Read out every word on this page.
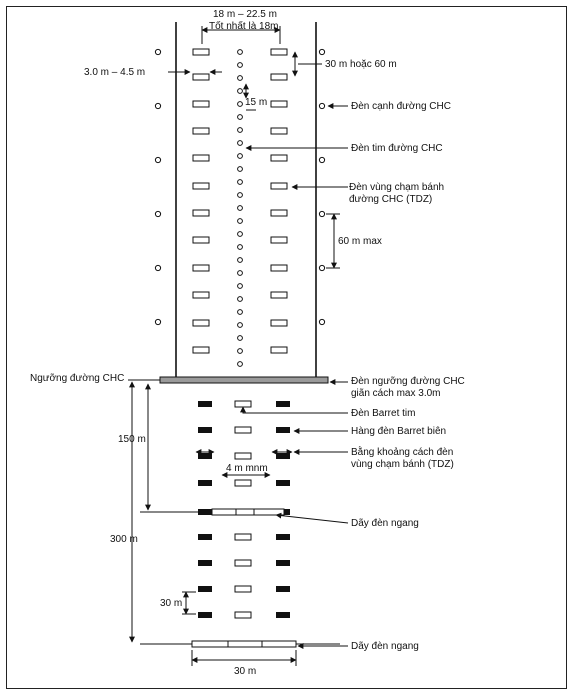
18 m – 22.5 m
Tốt nhất là 18m
3.0 m – 4.5 m
30 m hoặc 60 m
15 m	Đèn cạnh đường CHC
Đèn tim đường CHC
Đèn vùng chạm bánh
đường CHC (TDZ)
60 m max
Ngưỡng đường CHC	Đèn ngưỡng đường CHC
giãn cách max 3.0m
Đèn Barret tim
Hàng đèn Barret biên
Bằng khoảng cách đèn
vùng chạm bánh (TDZ)
4 m mnm
Dãy đèn ngang
Dãy đèn ngang
150 m
300 m
30 m
30 m
